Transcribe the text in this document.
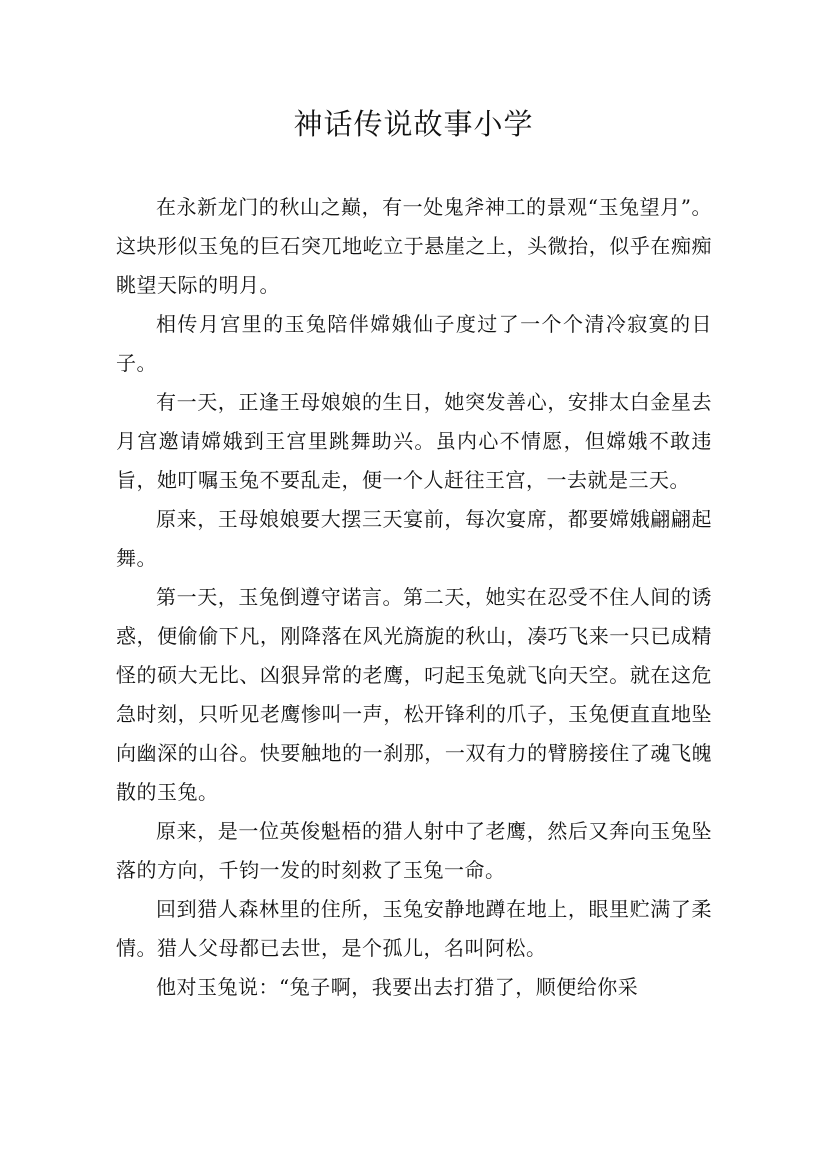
神话传说故事小学

在永新龙门的秋山之巅，有一处鬼斧神工的景观“玉兔望月”。这块形似玉兔的巨石突兀地屹立于悬崖之上，头微抬，似乎在痴痴眺望天际的明月。

相传月宫里的玉兔陪伴嫦娥仙子度过了一个个清冷寂寞的日子。

有一天，正逢王母娘娘的生日，她突发善心，安排太白金星去月宫邀请嫦娥到王宫里跳舞助兴。虽内心不情愿，但嫦娥不敢违旨，她叮嘱玉兔不要乱走，便一个人赶往王宫，一去就是三天。

原来，王母娘娘要大摆三天宴前，每次宴席，都要嫦娥翩翩起舞。

第一天，玉兔倒遵守诺言。第二天，她实在忍受不住人间的诱惑，便偷偷下凡，刚降落在风光旖旎的秋山，凑巧飞来一只已成精怪的硕大无比、凶狠异常的老鹰，叼起玉兔就飞向天空。就在这危急时刻，只听见老鹰惨叫一声，松开锋利的爪子，玉兔便直直地坠向幽深的山谷。快要触地的一刹那，一双有力的臂膀接住了魂飞魄散的玉兔。

原来，是一位英俊魁梧的猎人射中了老鹰，然后又奔向玉兔坠落的方向，千钧一发的时刻救了玉兔一命。

回到猎人森林里的住所，玉兔安静地蹲在地上，眼里贮满了柔情。猎人父母都已去世，是个孤儿，名叫阿松。

他对玉兔说：“兔子啊，我要出去打猎了，顺便给你采
